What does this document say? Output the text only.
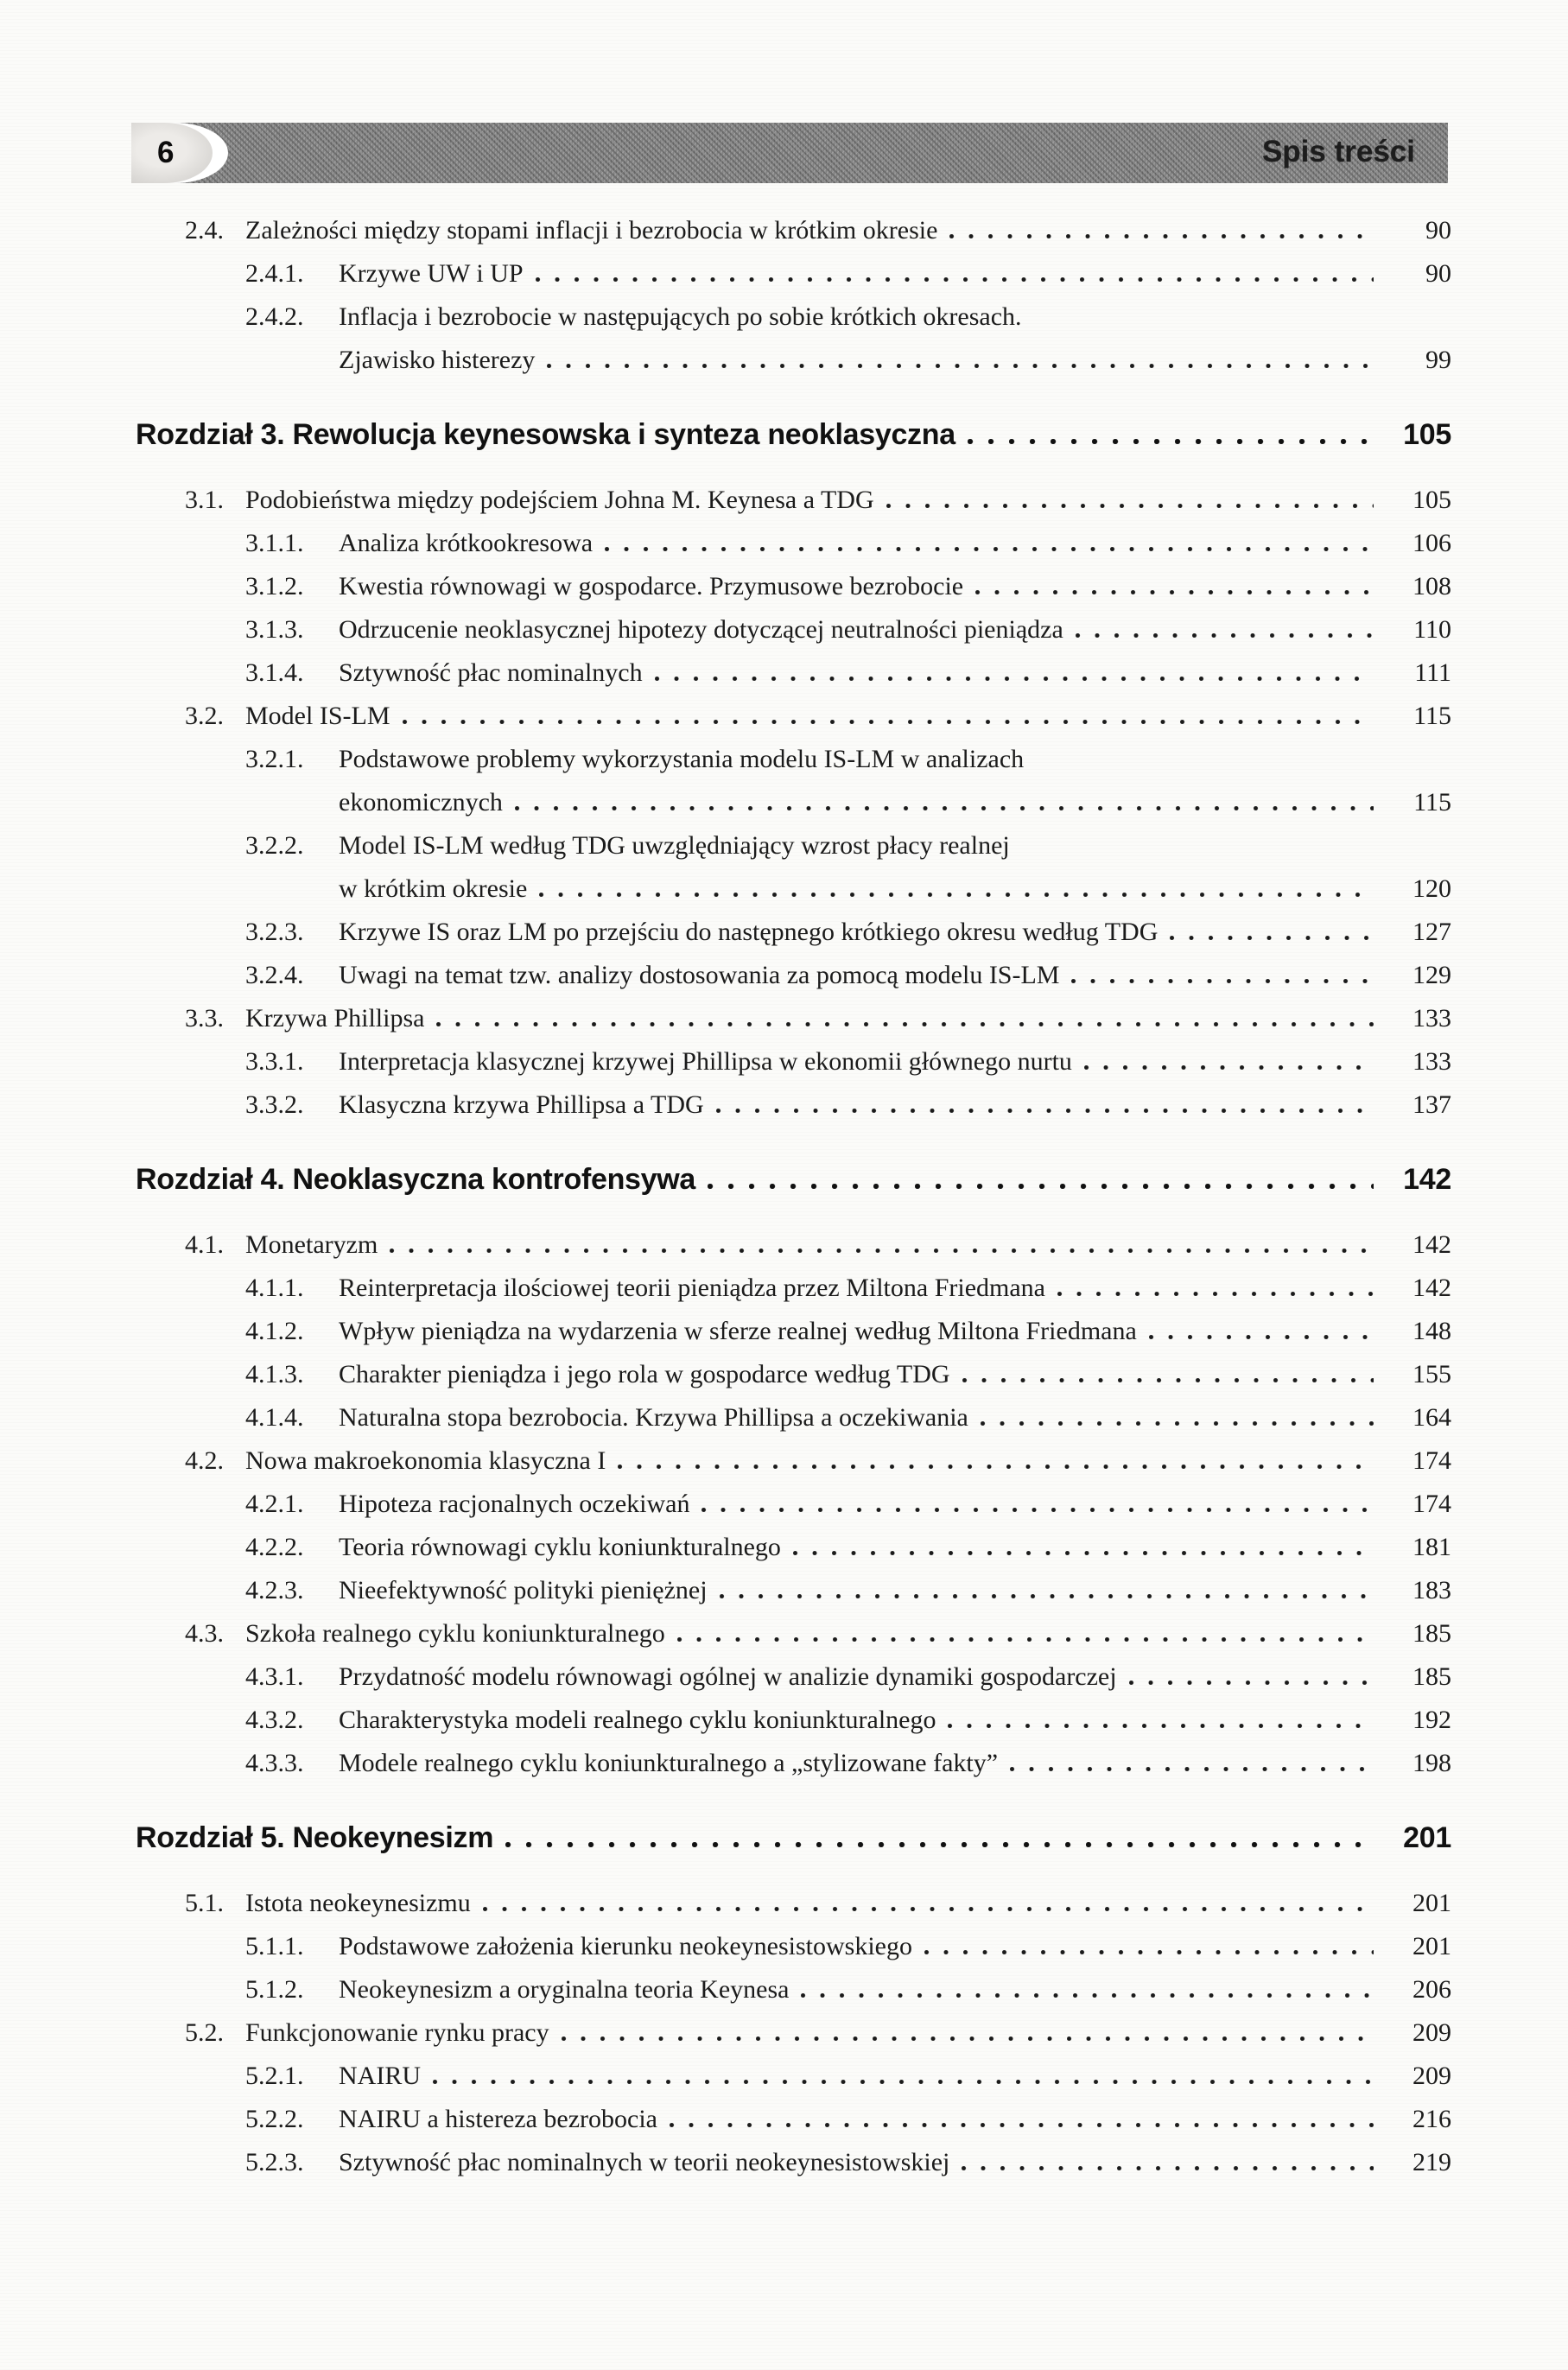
6	Spis treści
2.4. Zależności między stopami inflacji i bezrobocia w krótkim okresie	90
2.4.1.	Krzywe UW i UP	90
2.4.2.	Inflacja i bezrobocie w następujących po sobie krótkich okresach.
Zjawisko histerezy	99
Rozdział 3. Rewolucja keynesowska i synteza neoklasyczna	105
3.1. Podobieństwa między podejściem Johna M. Keynesa a TDG	105
3.1.1.	Analiza krótkookresowa	106
3.1.2.	Kwestia równowagi w gospodarce. Przymusowe bezrobocie	108
3.1.3.	Odrzucenie neoklasycznej hipotezy dotyczącej neutralności pieniądza	110
3.1.4.	Sztywność płac nominalnych	111
3.2. Model IS-LM	115
3.2.1.	Podstawowe problemy wykorzystania modelu IS-LM w analizach
ekonomicznych	115
3.2.2.	Model IS-LM według TDG uwzględniający wzrost płacy realnej
w krótkim okresie	120
3.2.3.	Krzywe IS oraz LM po przejściu do następnego krótkiego okresu według TDG	127
3.2.4.	Uwagi na temat tzw. analizy dostosowania za pomocą modelu IS-LM	129
3.3. Krzywa Phillipsa	133
3.3.1.	Interpretacja klasycznej krzywej Phillipsa w ekonomii głównego nurtu	133
3.3.2.	Klasyczna krzywa Phillipsa a TDG	137
Rozdział 4. Neoklasyczna kontrofensywa	142
4.1. Monetaryzm	142
4.1.1.	Reinterpretacja ilościowej teorii pieniądza przez Miltona Friedmana	142
4.1.2.	Wpływ pieniądza na wydarzenia w sferze realnej według Miltona Friedmana	148
4.1.3.	Charakter pieniądza i jego rola w gospodarce według TDG	155
4.1.4.	Naturalna stopa bezrobocia. Krzywa Phillipsa a oczekiwania	164
4.2. Nowa makroekonomia klasyczna I	174
4.2.1.	Hipoteza racjonalnych oczekiwań	174
4.2.2.	Teoria równowagi cyklu koniunkturalnego	181
4.2.3.	Nieefektywność polityki pieniężnej	183
4.3. Szkoła realnego cyklu koniunkturalnego	185
4.3.1.	Przydatność modelu równowagi ogólnej w analizie dynamiki gospodarczej	185
4.3.2.	Charakterystyka modeli realnego cyklu koniunkturalnego	192
4.3.3.	Modele realnego cyklu koniunkturalnego a „stylizowane fakty”	198
Rozdział 5. Neokeynesizm	201
5.1. Istota neokeynesizmu	201
5.1.1.	Podstawowe założenia kierunku neokeynesistowskiego	201
5.1.2.	Neokeynesizm a oryginalna teoria Keynesa	206
5.2. Funkcjonowanie rynku pracy	209
5.2.1.	NAIRU	209
5.2.2.	NAIRU a histereza bezrobocia	216
5.2.3.	Sztywność płac nominalnych w teorii neokeynesistowskiej	219
